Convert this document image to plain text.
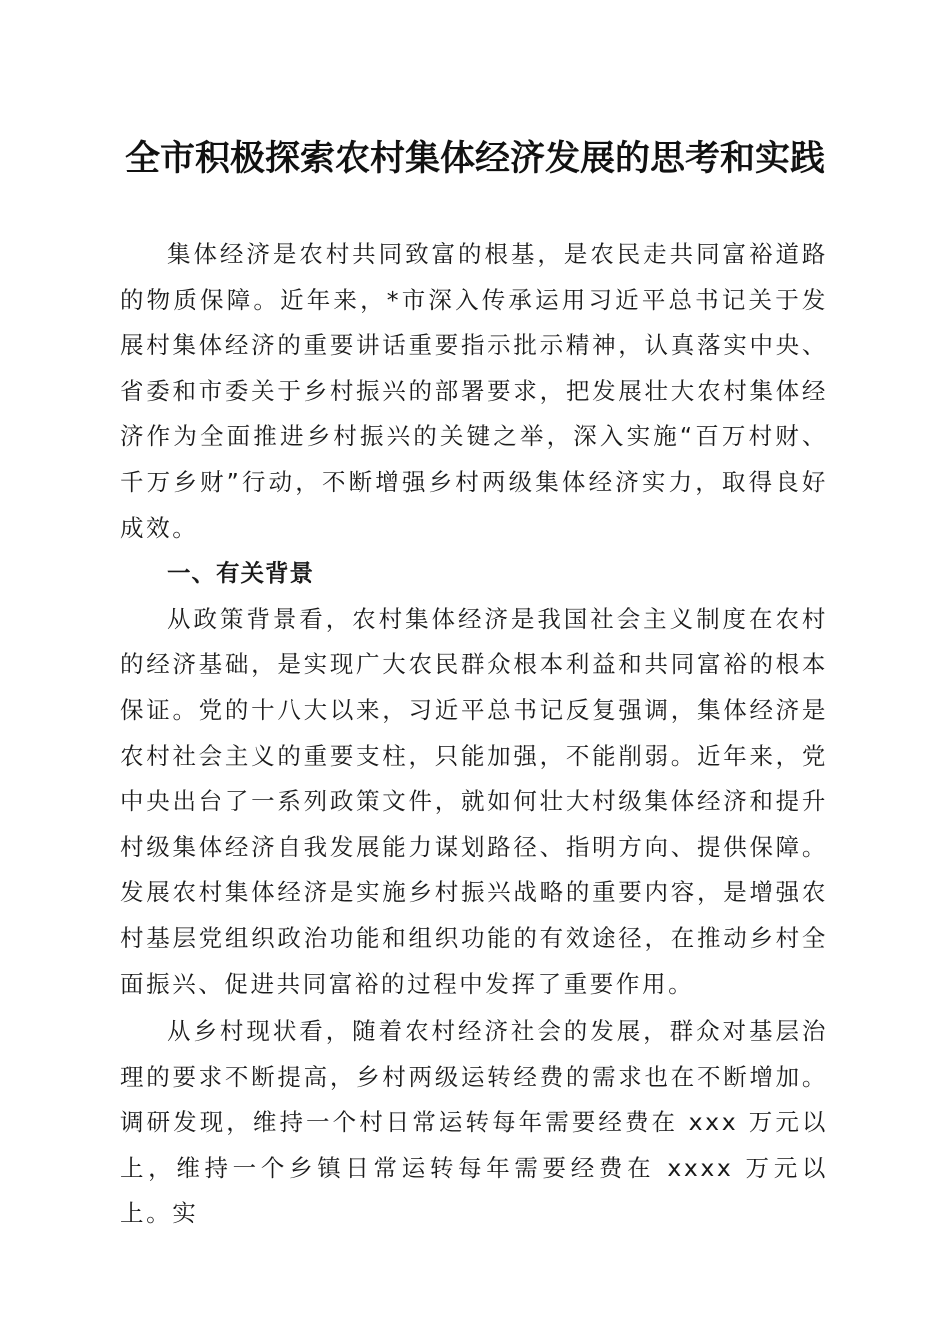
全市积极探索农村集体经济发展的思考和实践

集体经济是农村共同致富的根基，是农民走共同富裕道路的物质保障。近年来，*市深入传承运用习近平总书记关于发展村集体经济的重要讲话重要指示批示精神，认真落实中央、省委和市委关于乡村振兴的部署要求，把发展壮大农村集体经济作为全面推进乡村振兴的关键之举，深入实施“百万村财、千万乡财”行动，不断增强乡村两级集体经济实力，取得良好成效。

一、有关背景

从政策背景看，农村集体经济是我国社会主义制度在农村的经济基础，是实现广大农民群众根本利益和共同富裕的根本保证。党的十八大以来，习近平总书记反复强调，集体经济是农村社会主义的重要支柱，只能加强，不能削弱。近年来，党中央出台了一系列政策文件，就如何壮大村级集体经济和提升村级集体经济自我发展能力谋划路径、指明方向、提供保障。发展农村集体经济是实施乡村振兴战略的重要内容，是增强农村基层党组织政治功能和组织功能的有效途径，在推动乡村全面振兴、促进共同富裕的过程中发挥了重要作用。

从乡村现状看，随着农村经济社会的发展，群众对基层治理的要求不断提高，乡村两级运转经费的需求也在不断增加。调研发现，维持一个村日常运转每年需要经费在 xxx 万元以上，维持一个乡镇日常运转每年需要经费在 xxxx 万元以上。实
